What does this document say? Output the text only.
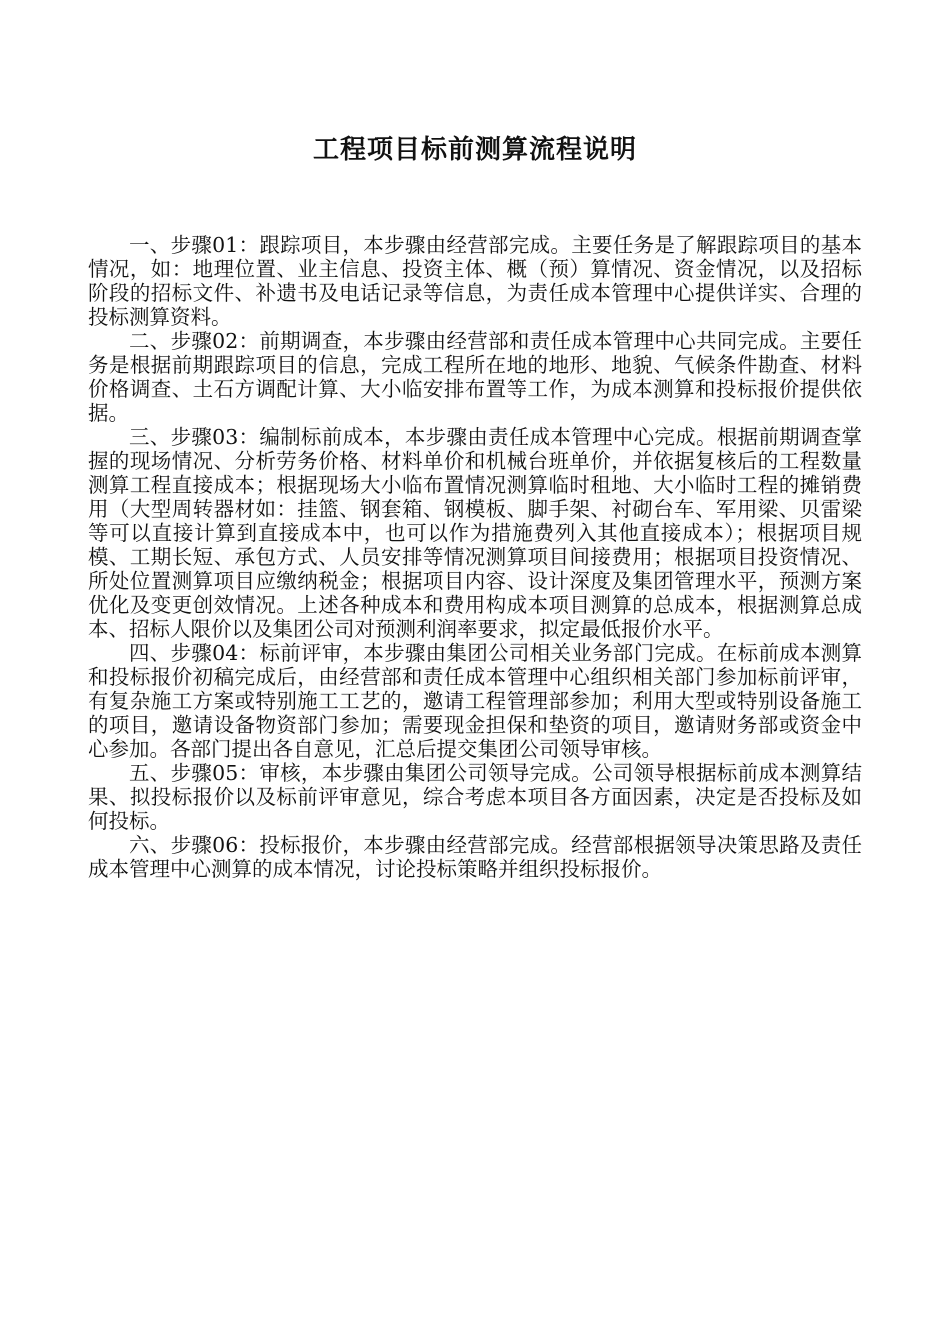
工程项目标前测算流程说明

一、步骤01：跟踪项目，本步骤由经营部完成。主要任务是了解跟踪项目的基本情况，如：地理位置、业主信息、投资主体、概（预）算情况、资金情况，以及招标阶段的招标文件、补遗书及电话记录等信息，为责任成本管理中心提供详实、合理的投标测算资料。

二、步骤02：前期调查，本步骤由经营部和责任成本管理中心共同完成。主要任务是根据前期跟踪项目的信息，完成工程所在地的地形、地貌、气候条件勘查、材料价格调查、土石方调配计算、大小临安排布置等工作，为成本测算和投标报价提供依据。

三、步骤03：编制标前成本，本步骤由责任成本管理中心完成。根据前期调查掌握的现场情况、分析劳务价格、材料单价和机械台班单价，并依据复核后的工程数量测算工程直接成本；根据现场大小临布置情况测算临时租地、大小临时工程的摊销费用（大型周转器材如：挂篮、钢套箱、钢模板、脚手架、衬砌台车、军用梁、贝雷梁等可以直接计算到直接成本中，也可以作为措施费列入其他直接成本）；根据项目规模、工期长短、承包方式、人员安排等情况测算项目间接费用；根据项目投资情况、所处位置测算项目应缴纳税金；根据项目内容、设计深度及集团管理水平，预测方案优化及变更创效情况。上述各种成本和费用构成本项目测算的总成本，根据测算总成本、招标人限价以及集团公司对预测利润率要求，拟定最低报价水平。

四、步骤04：标前评审，本步骤由集团公司相关业务部门完成。在标前成本测算和投标报价初稿完成后，由经营部和责任成本管理中心组织相关部门参加标前评审，有复杂施工方案或特别施工工艺的，邀请工程管理部参加；利用大型或特别设备施工的项目，邀请设备物资部门参加；需要现金担保和垫资的项目，邀请财务部或资金中心参加。各部门提出各自意见，汇总后提交集团公司领导审核。

五、步骤05：审核，本步骤由集团公司领导完成。公司领导根据标前成本测算结果、拟投标报价以及标前评审意见，综合考虑本项目各方面因素，决定是否投标及如何投标。

六、步骤06：投标报价，本步骤由经营部完成。经营部根据领导决策思路及责任成本管理中心测算的成本情况，讨论投标策略并组织投标报价。
